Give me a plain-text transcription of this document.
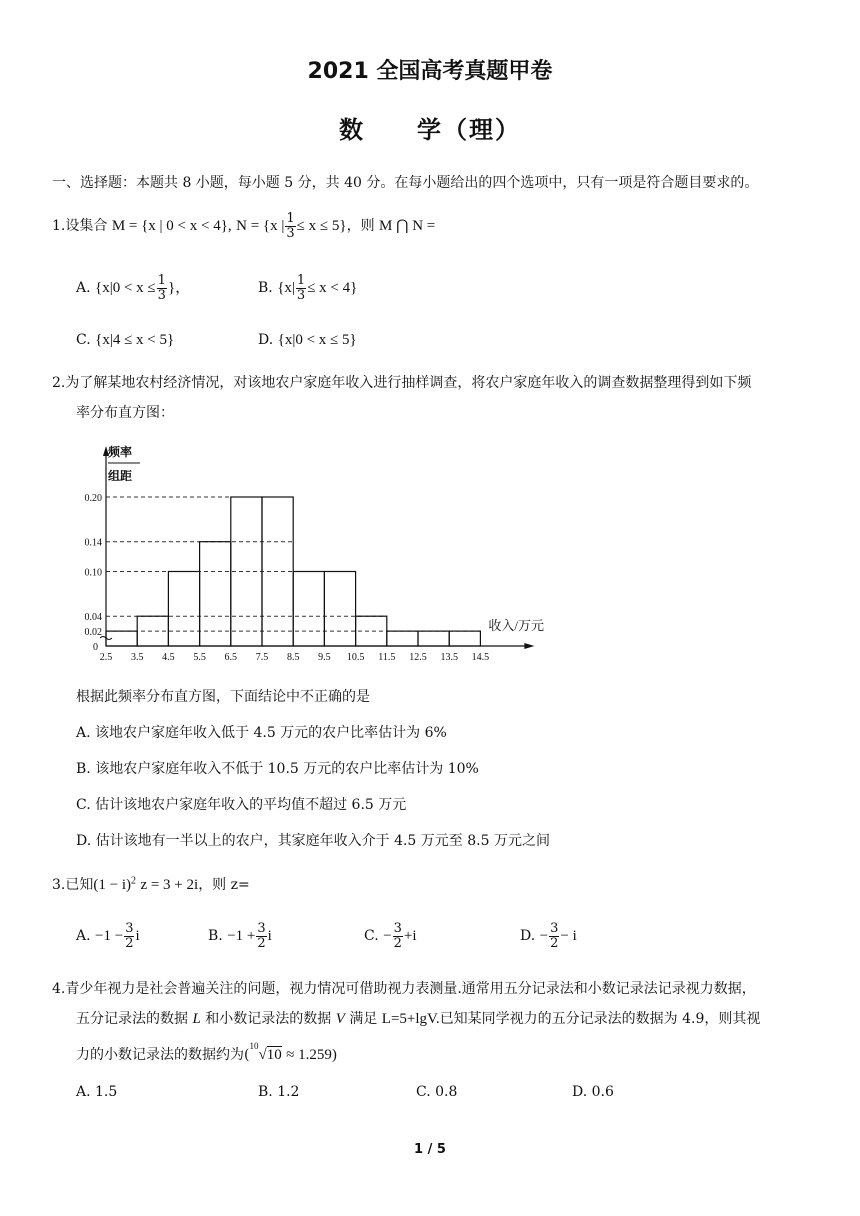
2021 全国高考真题甲卷
数　　学（理）
一、选择题：本题共 8 小题，每小题 5 分，共 40 分。在每小题给出的四个选项中，只有一项是符合题目要求的。
1.设集合 M = {x | 0 < x < 4}, N = {x | $\frac{1}{3} \le x \le 5$}，则 M ⋂ N =
A. {$x|0 < x \le \frac{1}{3}$ }，	B. $\{x| \frac{1}{3} \le x < 4\}$
C. {x|4 ≤ x < 5}	D. {x|0 < x ≤ 5}
2.为了解某地农村经济情况，对该地农户家庭年收入进行抽样调查，将农户家庭年收入的调查数据整理得到如下频
率分布直方图：
0.02
0.04
0.10
0.14
0.20
2.5 3.5 4.5 5.5 6.5 7.5 8.5 9.5 10.5 11.5 12.5 13.5 14.5
0
频率
组距
收入/万元
根据此频率分布直方图，下面结论中不正确的是
A. 该地农户家庭年收入低于 4.5 万元的农户比率估计为 6%
B. 该地农户家庭年收入不低于 10.5 万元的农户比率估计为 10%
C. 估计该地农户家庭年收入的平均值不超过 6.5 万元
D. 估计该地有一半以上的农户，其家庭年收入介于 4.5 万元至 8.5 万元之间
3.已知$(1 - i)^2$ z = 3 + 2i，则 z=
A. $-1 - \frac{3}{2}$ i	B. $-1 + \frac{3}{2}$ i	C. − $\frac{3}{2} +i$	D. − $\frac{3}{2} - i$
4.青少年视力是社会普遍关注的问题，视力情况可借助视力表测量.通常用五分记录法和小数记录法记录视力数据，
五分记录法的数据 L 和小数记录法的数据 V 满足 L=5+lgV.已知某同学视力的五分记录法的数据为 4.9，则其视
力的小数记录法的数据约为($^{10}$√10 ≈ 1.259)
A. 1.5	B. 1.2	C. 0.8	D. 0.6
1 / 5
